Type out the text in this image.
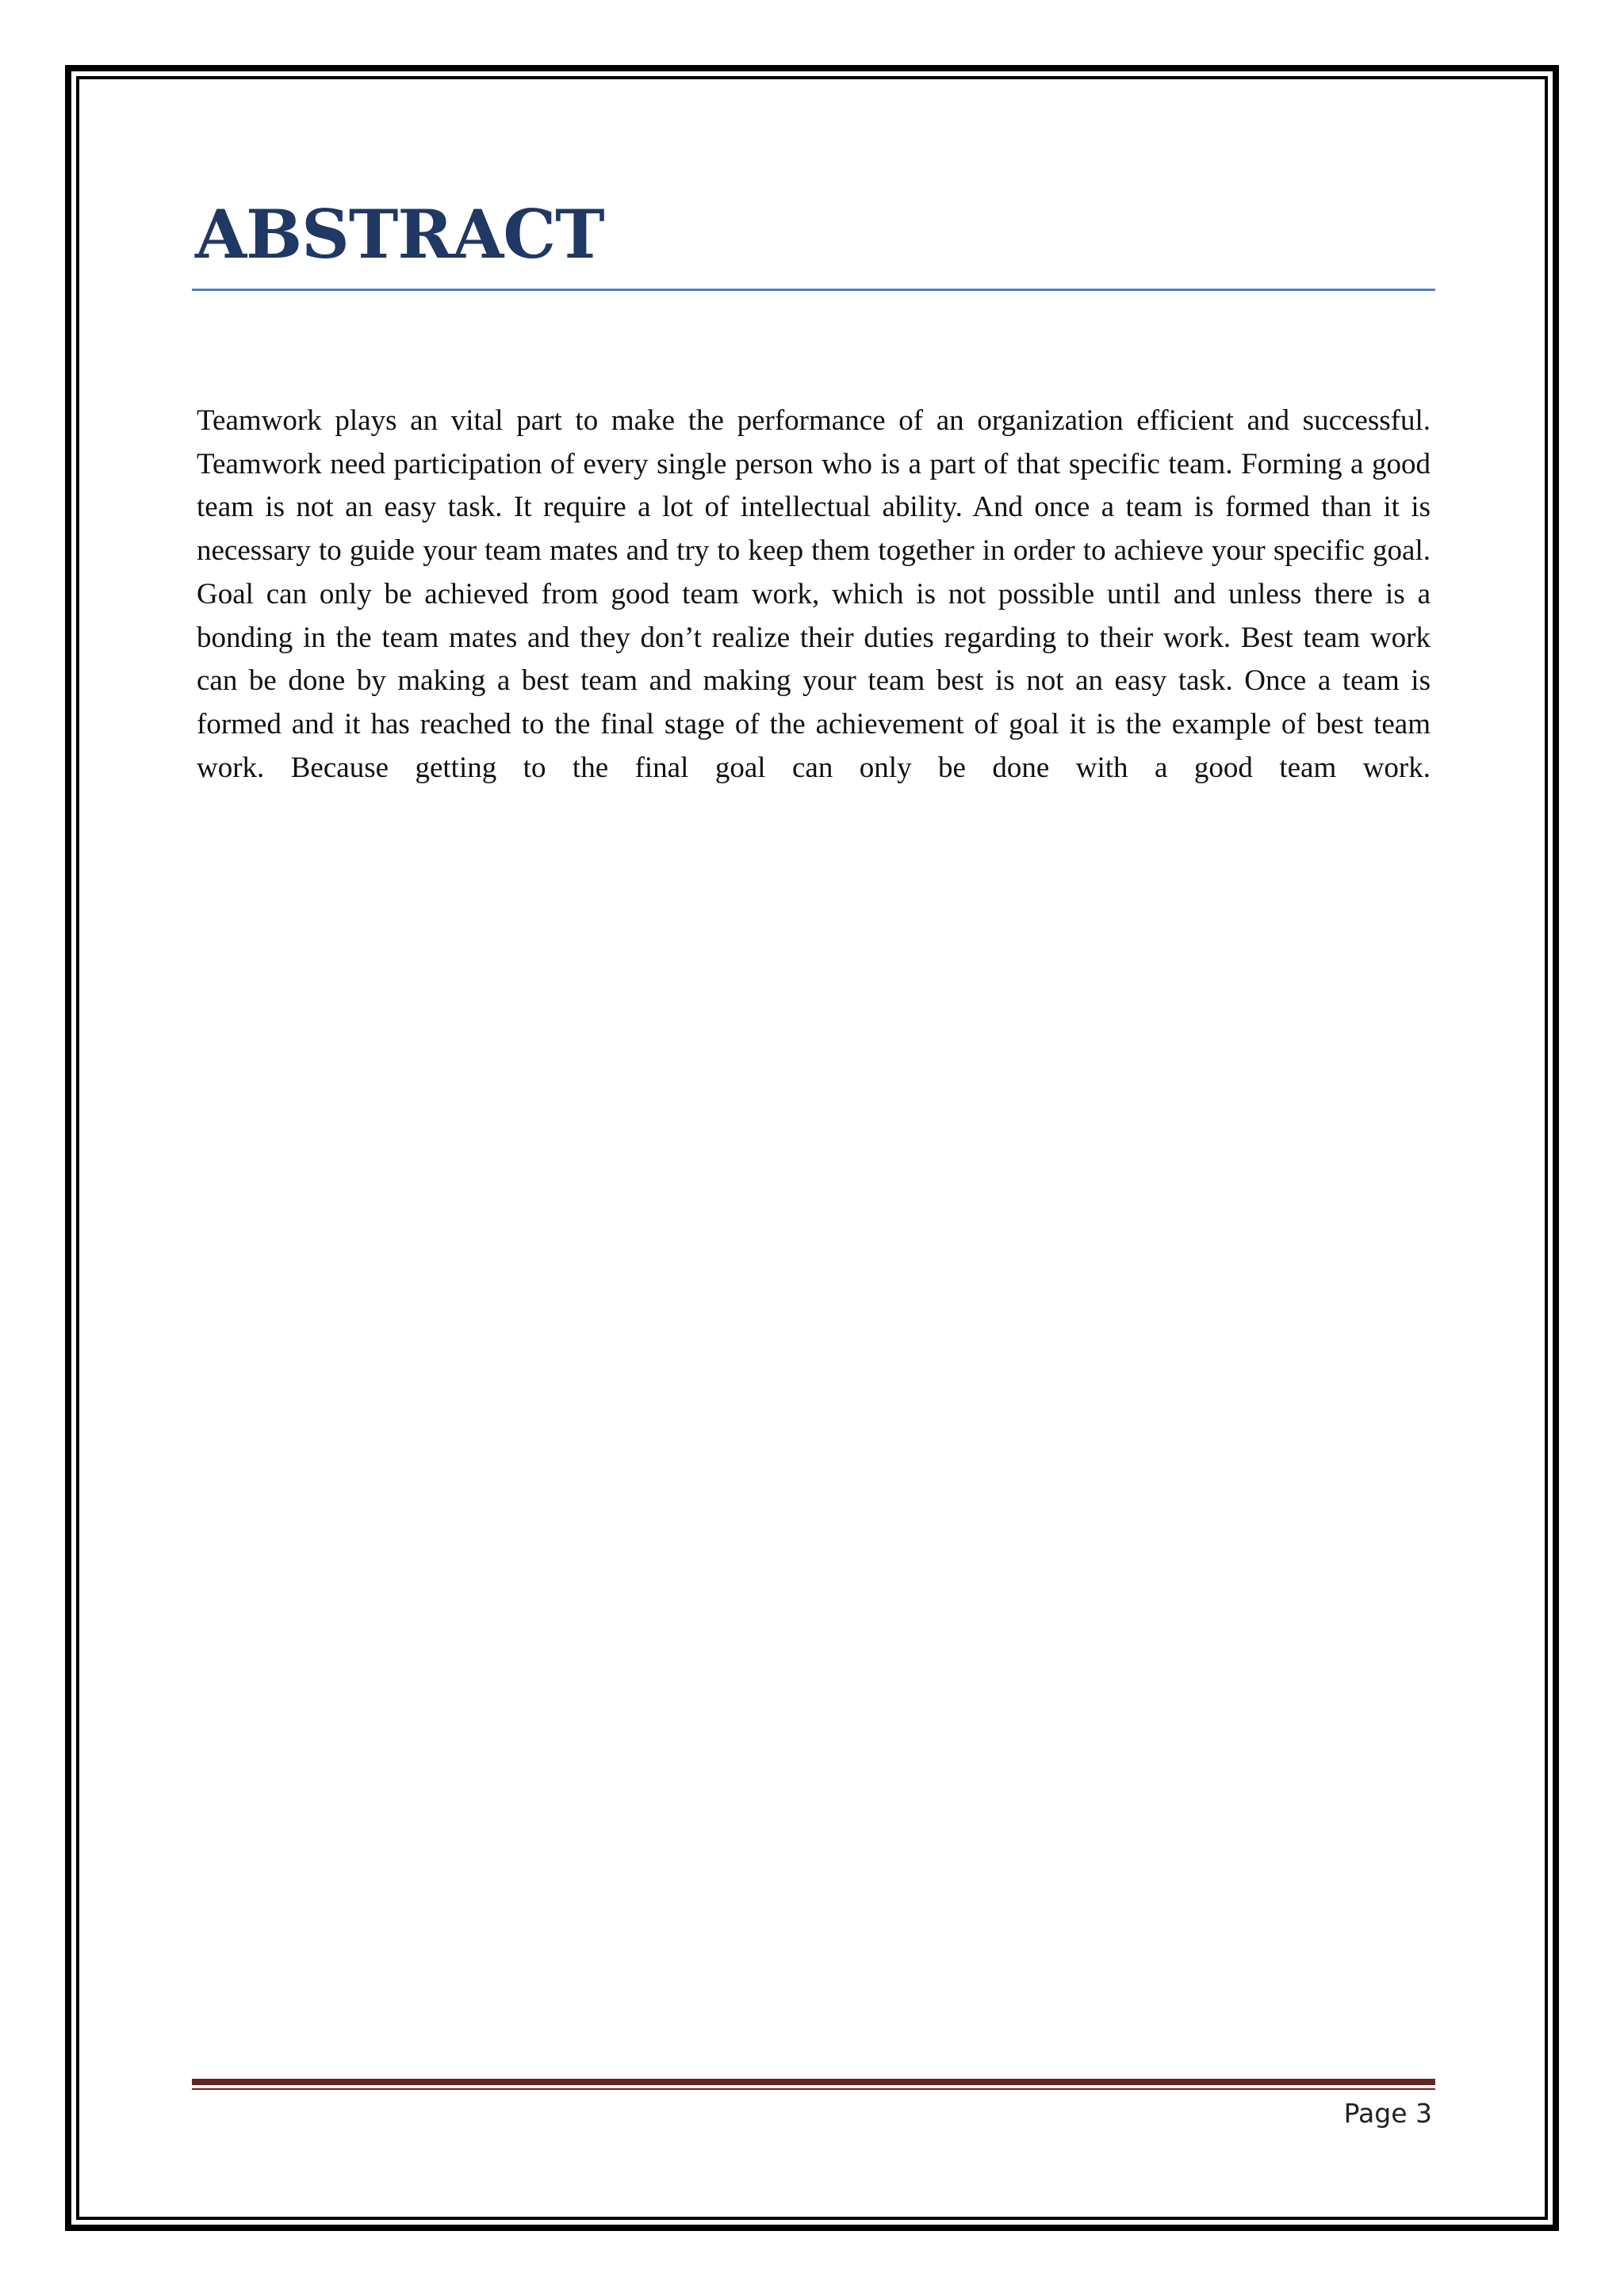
ABSTRACT

Teamwork plays an vital part to make the performance of an organization efficient and successful. Teamwork need participation of every single person who is a part of that specific team. Forming a good team is not an easy task. It require a lot of intellectual ability. And once a team is formed than it is necessary to guide your team mates and try to keep them together in order to achieve your specific goal. Goal can only be achieved from good team work, which is not possible until and unless there is a bonding in the team mates and they don’t realize their duties regarding to their work. Best team work can be done by making a best team and making your team best is not an easy task. Once a team is formed and it has reached to the final stage of the achievement of goal it is the example of best team work. Because getting to the final goal can only be done with a good team work.

Page 3
